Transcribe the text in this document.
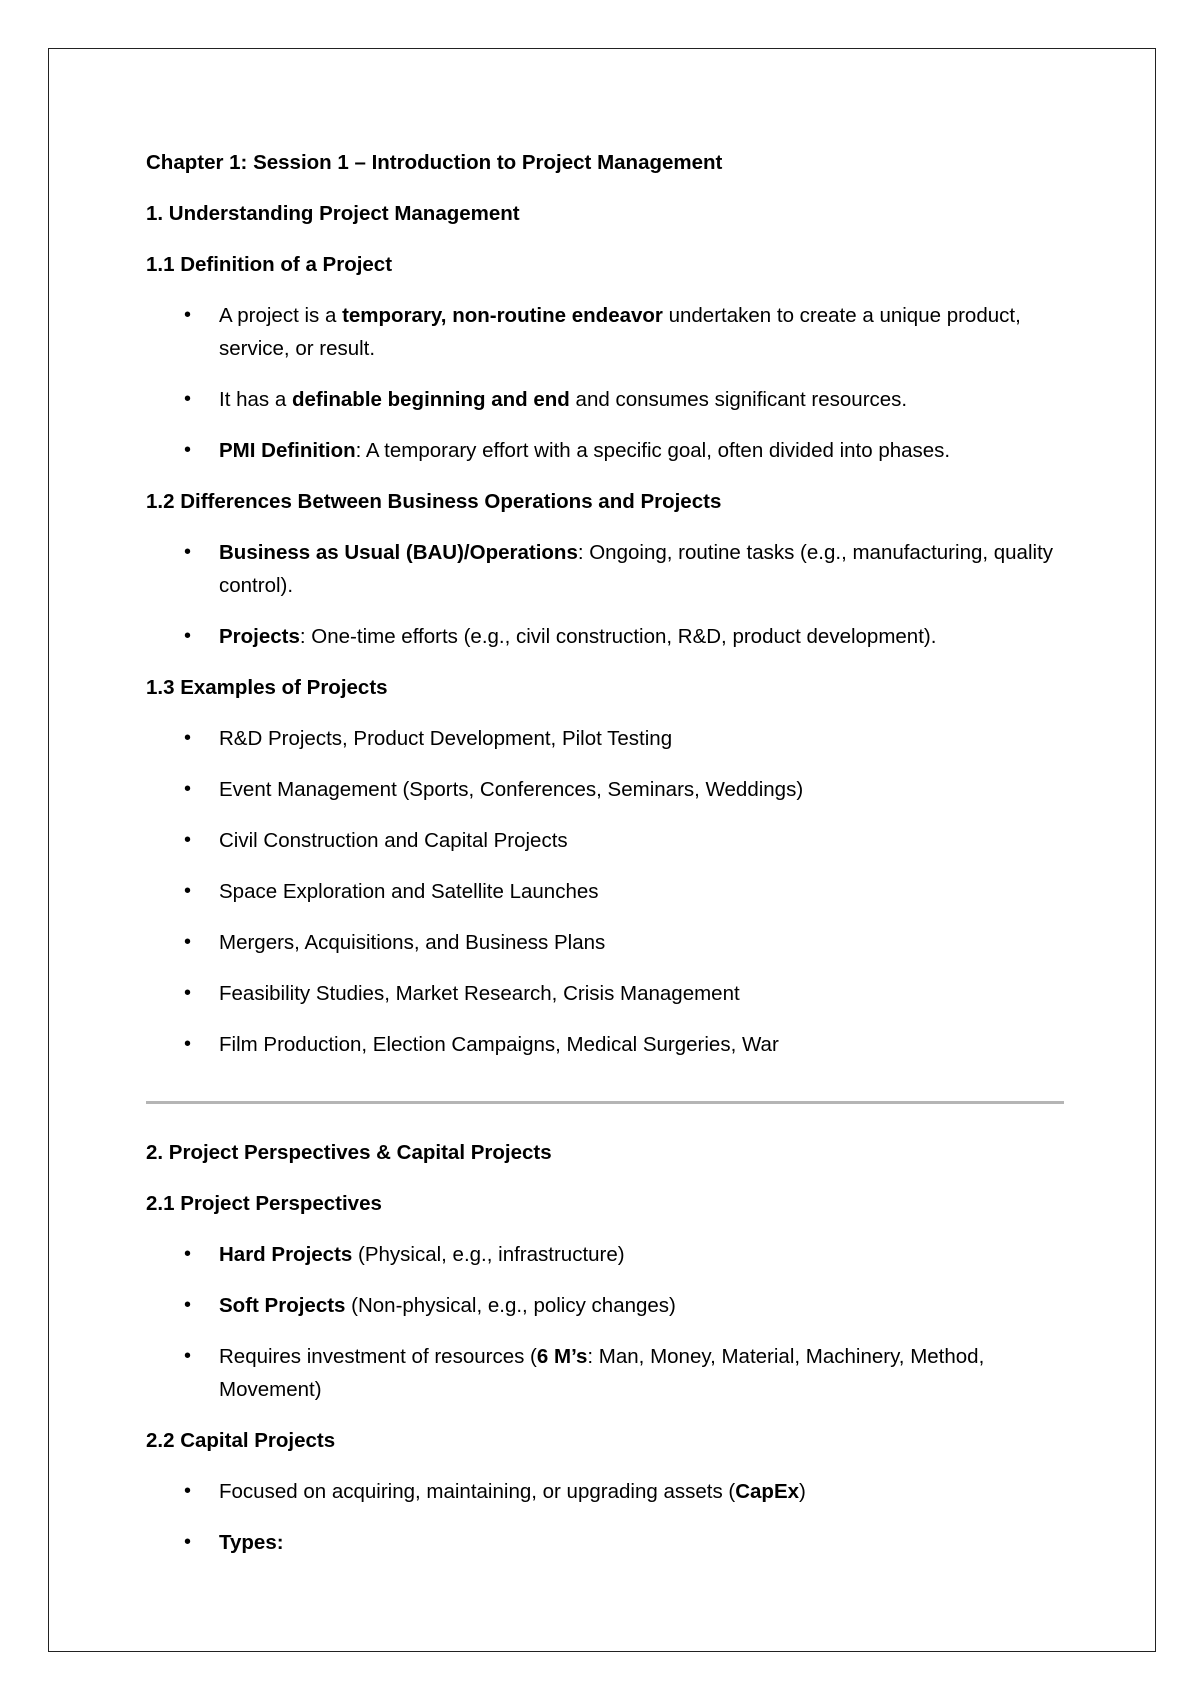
Chapter 1: Session 1 – Introduction to Project Management
1. Understanding Project Management
1.1 Definition of a Project
• A project is a temporary, non-routine endeavor undertaken to create a unique product, service, or result.
• It has a definable beginning and end and consumes significant resources.
• PMI Definition: A temporary effort with a specific goal, often divided into phases.
1.2 Differences Between Business Operations and Projects
• Business as Usual (BAU)/Operations: Ongoing, routine tasks (e.g., manufacturing, quality control).
• Projects: One-time efforts (e.g., civil construction, R&D, product development).
1.3 Examples of Projects
• R&D Projects, Product Development, Pilot Testing
• Event Management (Sports, Conferences, Seminars, Weddings)
• Civil Construction and Capital Projects
• Space Exploration and Satellite Launches
• Mergers, Acquisitions, and Business Plans
• Feasibility Studies, Market Research, Crisis Management
• Film Production, Election Campaigns, Medical Surgeries, War
2. Project Perspectives & Capital Projects
2.1 Project Perspectives
• Hard Projects (Physical, e.g., infrastructure)
• Soft Projects (Non-physical, e.g., policy changes)
• Requires investment of resources (6 M’s: Man, Money, Material, Machinery, Method, Movement)
2.2 Capital Projects
• Focused on acquiring, maintaining, or upgrading assets (CapEx)
• Types:
